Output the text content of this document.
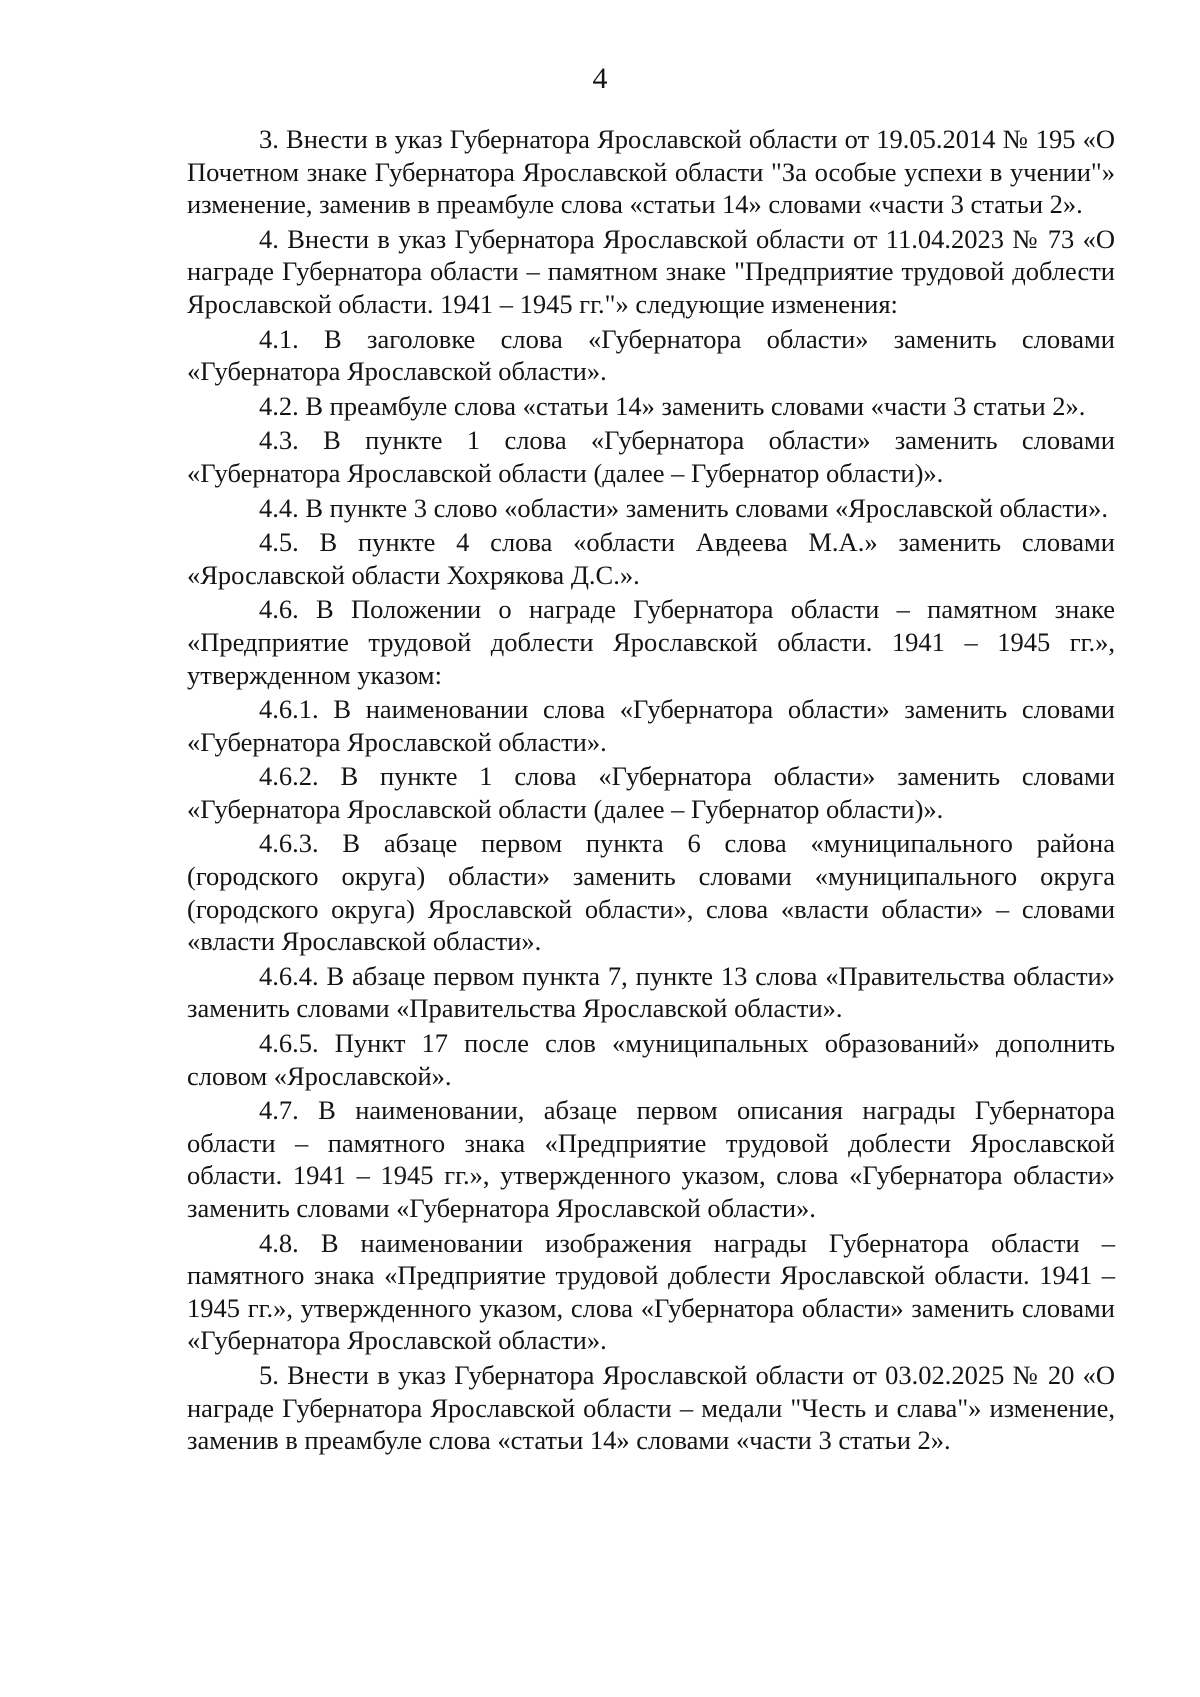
4

3. Внести в указ Губернатора Ярославской области от 19.05.2014 № 195 «О Почетном знаке Губернатора Ярославской области "За особые успехи в учении"» изменение, заменив в преамбуле слова «статьи 14» словами «части 3 статьи 2».

4. Внести в указ Губернатора Ярославской области от 11.04.2023 № 73 «О награде Губернатора области – памятном знаке "Предприятие трудовой доблести Ярославской области. 1941 – 1945 гг."» следующие изменения:

4.1. В заголовке слова «Губернатора области» заменить словами «Губернатора Ярославской области».

4.2. В преамбуле слова «статьи 14» заменить словами «части 3 статьи 2».

4.3. В пункте 1 слова «Губернатора области» заменить словами «Губернатора Ярославской области (далее – Губернатор области)».

4.4. В пункте 3 слово «области» заменить словами «Ярославской области».

4.5. В пункте 4 слова «области Авдеева М.А.» заменить словами «Ярославской области Хохрякова Д.С.».

4.6. В Положении о награде Губернатора области – памятном знаке «Предприятие трудовой доблести Ярославской области. 1941 – 1945 гг.», утвержденном указом:

4.6.1. В наименовании слова «Губернатора области» заменить словами «Губернатора Ярославской области».

4.6.2. В пункте 1 слова «Губернатора области» заменить словами «Губернатора Ярославской области (далее – Губернатор области)».

4.6.3. В абзаце первом пункта 6 слова «муниципального района (городского округа) области» заменить словами «муниципального округа (городского округа) Ярославской области», слова «власти области» – словами «власти Ярославской области».

4.6.4. В абзаце первом пункта 7, пункте 13 слова «Правительства области» заменить словами «Правительства Ярославской области».

4.6.5. Пункт 17 после слов «муниципальных образований» дополнить словом «Ярославской».

4.7. В наименовании, абзаце первом описания награды Губернатора области – памятного знака «Предприятие трудовой доблести Ярославской области. 1941 – 1945 гг.», утвержденного указом, слова «Губернатора области» заменить словами «Губернатора Ярославской области».

4.8. В наименовании изображения награды Губернатора области – памятного знака «Предприятие трудовой доблести Ярославской области. 1941 – 1945 гг.», утвержденного указом, слова «Губернатора области» заменить словами «Губернатора Ярославской области».

5. Внести в указ Губернатора Ярославской области от 03.02.2025 № 20 «О награде Губернатора Ярославской области – медали "Честь и слава"» изменение, заменив в преамбуле слова «статьи 14» словами «части 3 статьи 2».
